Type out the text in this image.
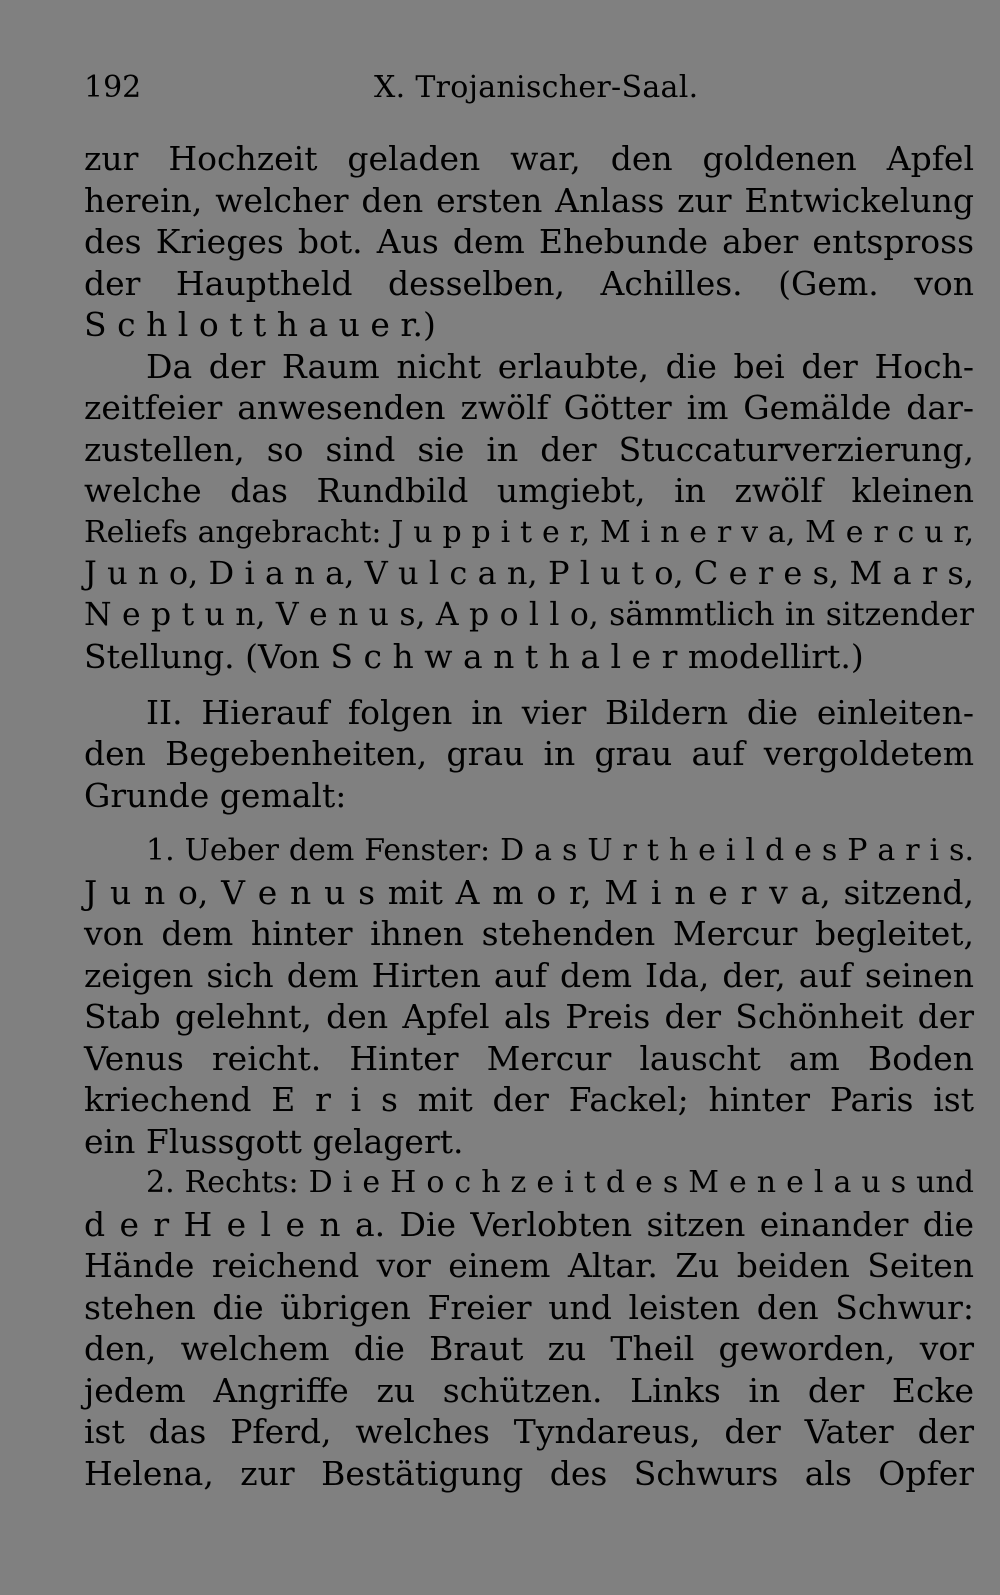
192	X. Trojanischer-Saal.
zur Hochzeit geladen war, den goldenen Apfel
herein, welcher den ersten Anlass zur Entwickelung
des Krieges bot. Aus dem Ehebunde aber entspross
der Hauptheld desselben, Achilles. (Gem. von
S c h l o t t h a u e r.)
Da der Raum nicht erlaubte, die bei der Hoch-
zeitfeier anwesenden zwölf Götter im Gemälde dar-
zustellen, so sind sie in der Stuccaturverzierung,
welche das Rundbild umgiebt, in zwölf kleinen
Reliefs angebracht: J u p p i t e r, M i n e r v a, M e r c u r,
J u n o, D i a n a, V u l c a n, P l u t o, C e r e s, M a r s,
N e p t u n, V e n u s, A p o l l o, sämmtlich in sitzender
Stellung. (Von S c h w a n t h a l e r modellirt.)
II. Hierauf folgen in vier Bildern die einleiten-
den Begebenheiten, grau in grau auf vergoldetem
Grunde gemalt:
1. Ueber dem Fenster: D a s U r t h e i l d e s P a r i s.
J u n o, V e n u s mit A m o r, M i n e r v a, sitzend,
von dem hinter ihnen stehenden Mercur begleitet,
zeigen sich dem Hirten auf dem Ida, der, auf seinen
Stab gelehnt, den Apfel als Preis der Schönheit der
Venus reicht. Hinter Mercur lauscht am Boden
kriechend E r i s mit der Fackel; hinter Paris ist
ein Flussgott gelagert.
2. Rechts: D i e H o c h z e i t d e s M e n e l a u s und
d e r H e l e n a. Die Verlobten sitzen einander die
Hände reichend vor einem Altar. Zu beiden Seiten
stehen die übrigen Freier und leisten den Schwur:
den, welchem die Braut zu Theil geworden, vor
jedem Angriffe zu schützen. Links in der Ecke
ist das Pferd, welches Tyndareus, der Vater der
Helena, zur Bestätigung des Schwurs als Opfer
